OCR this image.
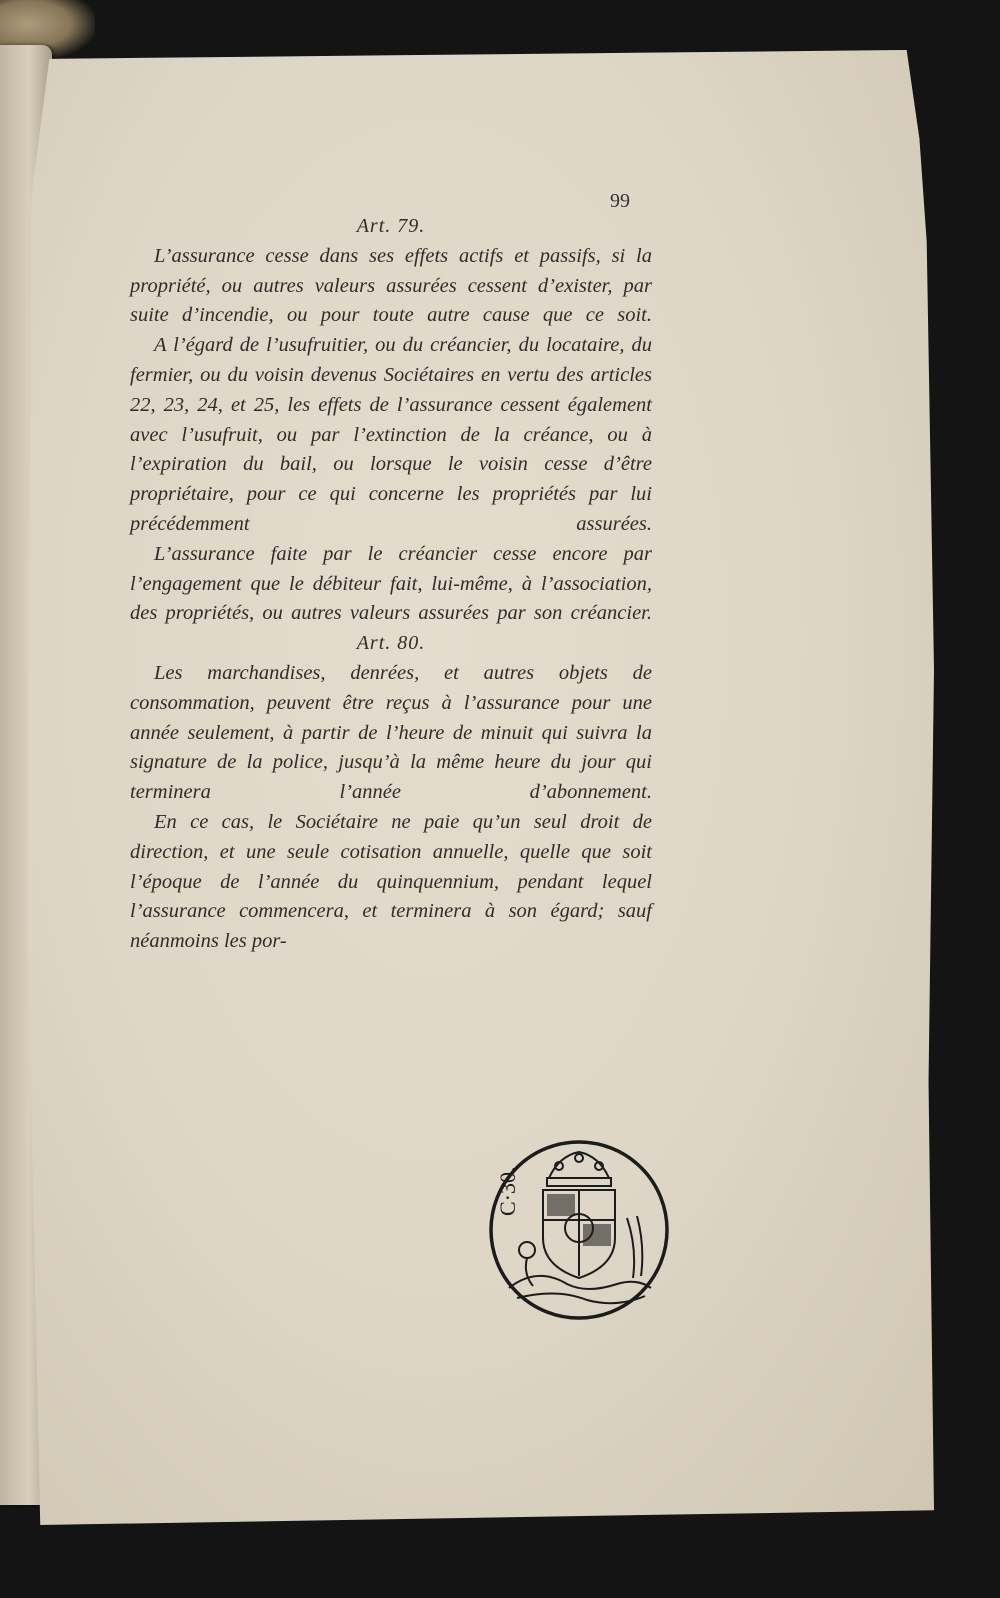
99

Art. 79.

L’assurance cesse dans ses effets actifs et passifs, si la propriété, ou autres valeurs assurées cessent d’exister, par suite d’incendie, ou pour toute autre cause que ce soit.

A l’égard de l’usufruitier, ou du créancier, du locataire, du fermier, ou du voisin devenus Sociétaires en vertu des articles 22, 23, 24, et 25, les effets de l’assurance cessent également avec l’usufruit, ou par l’extinction de la créance, ou à l’expiration du bail, ou lorsque le voisin cesse d’être propriétaire, pour ce qui concerne les propriétés par lui précédemment assurées.

L’assurance faite par le créancier cesse encore par l’engagement que le débiteur fait, lui-même, à l’association, des propriétés, ou autres valeurs assurées par son créancier.

Art. 80.

Les marchandises, denrées, et autres objets de consommation, peuvent être reçus à l’assurance pour une année seulement, à partir de l’heure de minuit qui suivra la signature de la police, jusqu’à la même heure du jour qui terminera l’année d’abonnement.

En ce cas, le Sociétaire ne paie qu’un seul droit de direction, et une seule cotisation annuelle, quelle que soit l’époque de l’année du quinquennium, pendant lequel l’assurance commencera, et terminera à son égard; sauf néanmoins les por-

C·30.
